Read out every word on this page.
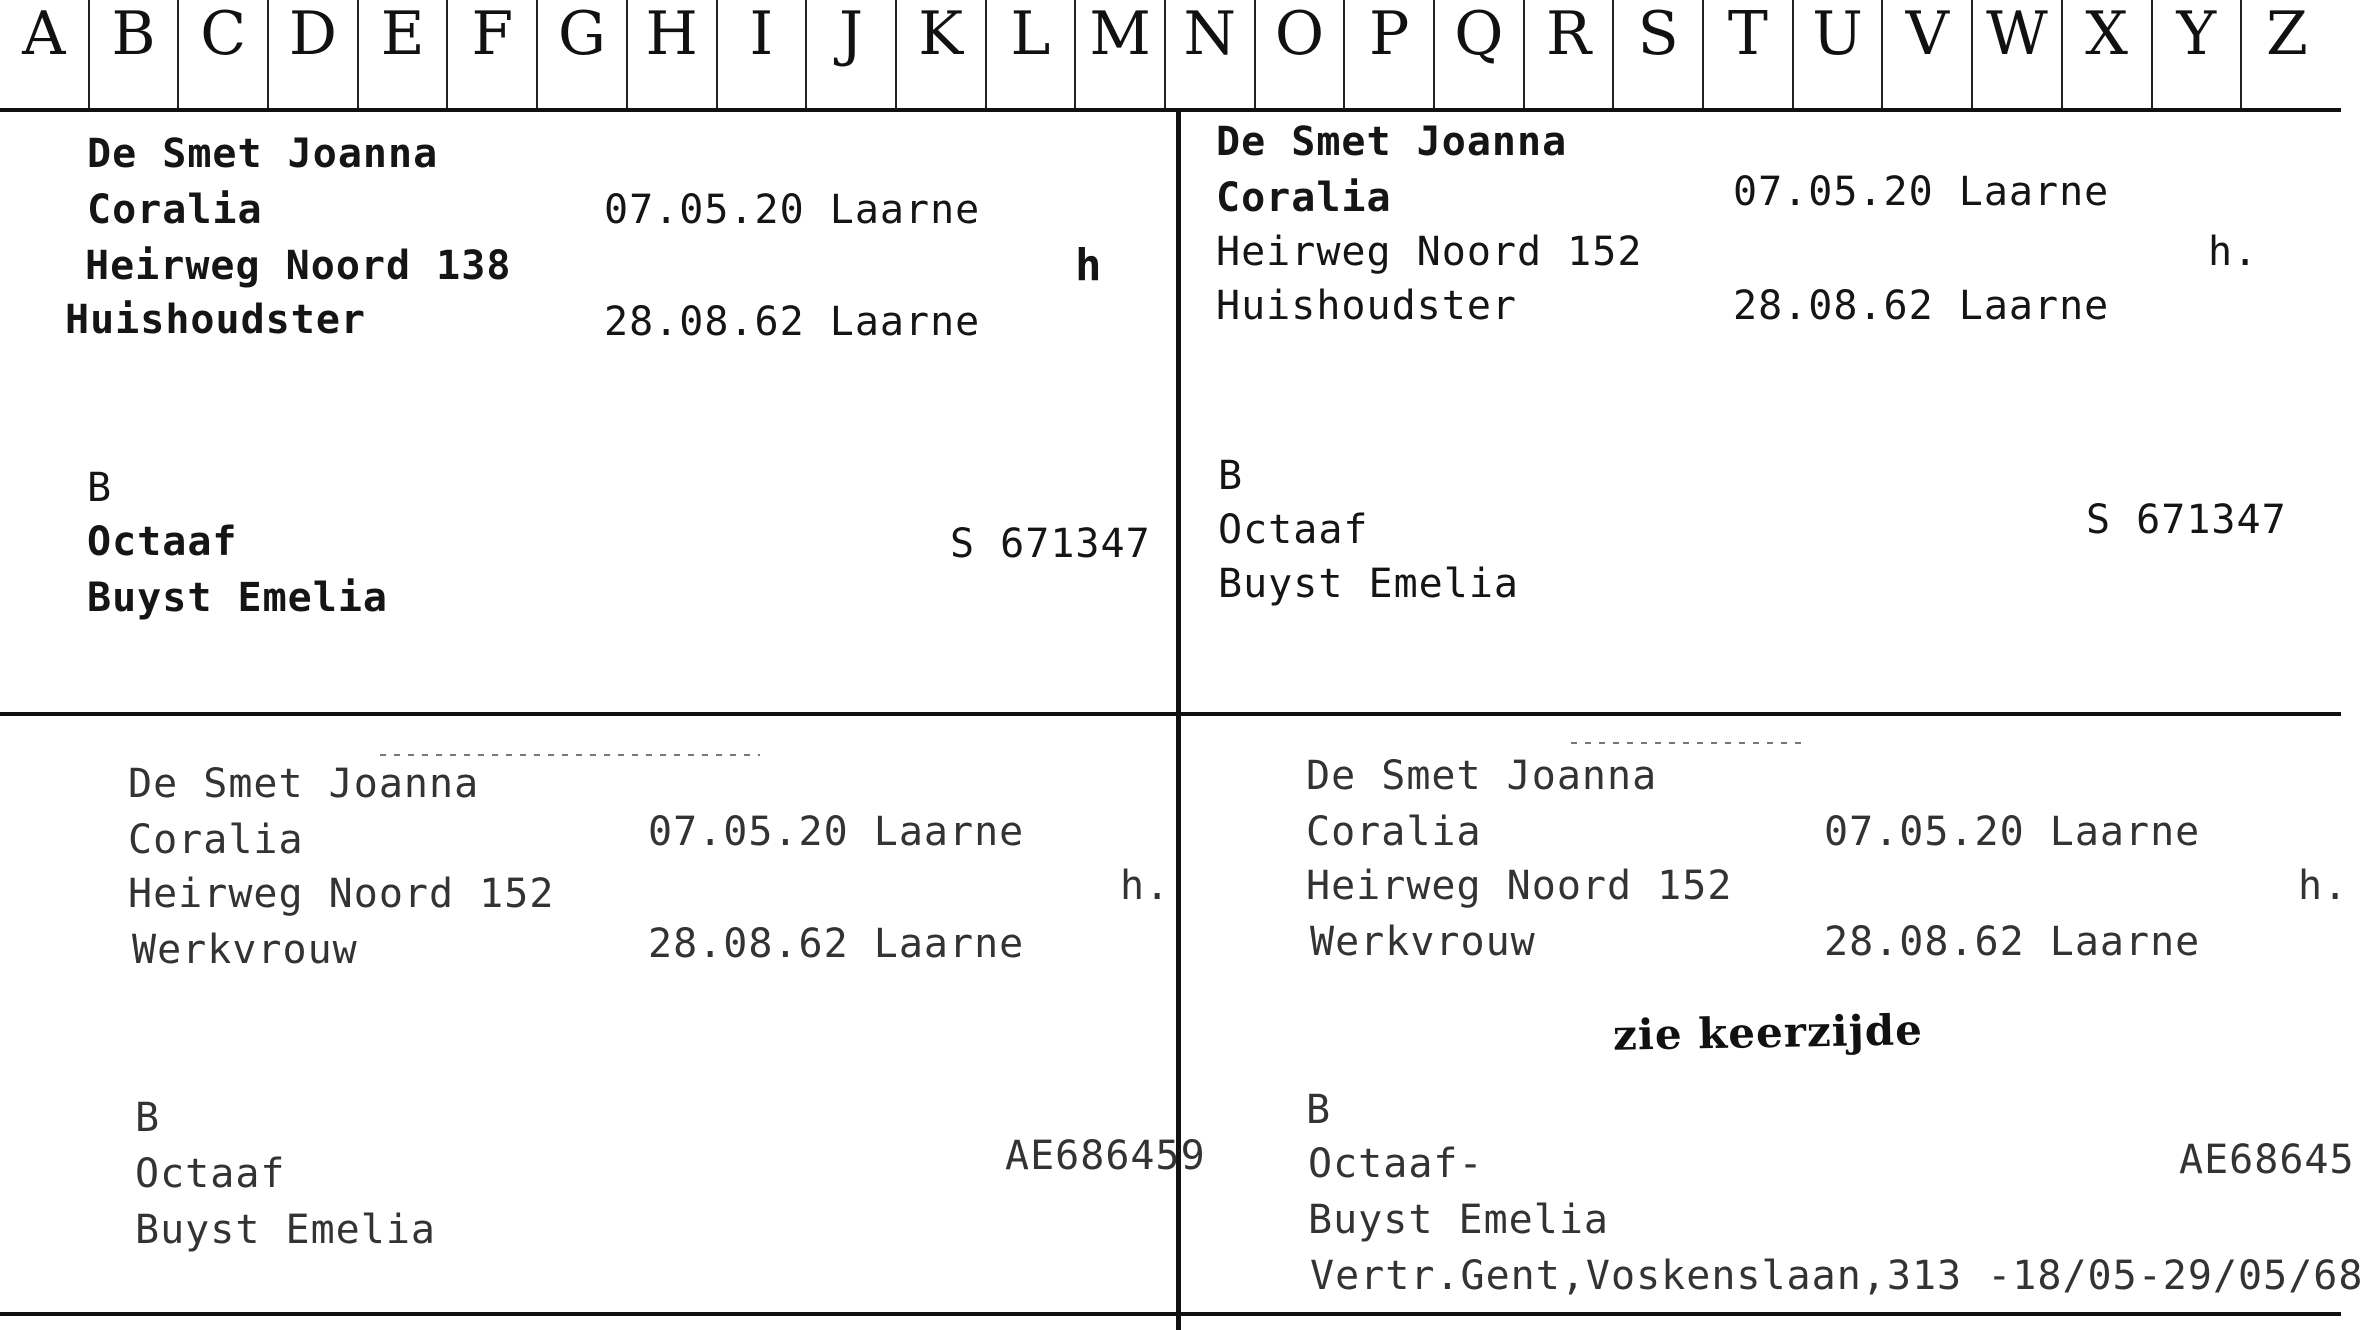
A B C D E F G H I	J K L M N O P Q R S T U V W X Y Z
De Smet Joanna
Coralia	07.05.20 Laarne
Heirweg Noord 138	h
Huishoudster	28.08.62 Laarne
B
Octaaf	S 671347
Buyst Emelia
De Smet Joanna
Coralia	07.05.20 Laarne
Heirweg Noord 152	h.
Huishoudster	28.08.62 Laarne
B
Octaaf	S 671347
Buyst Emelia
De Smet Joanna
Coralia	07.05.20 Laarne
Heirweg Noord 152	h.
Werkvrouw	28.08.62 Laarne
B
Octaaf	AE686459
Buyst Emelia
De Smet Joanna
Coralia	07.05.20 Laarne
Heirweg Noord 152	h.
Werkvrouw	28.08.62 Laarne
zie keerzijde
B
Octaaf-	AE68645
Buyst Emelia
Vertr.Gent,Voskenslaan,313 -18/05-29/05/68
